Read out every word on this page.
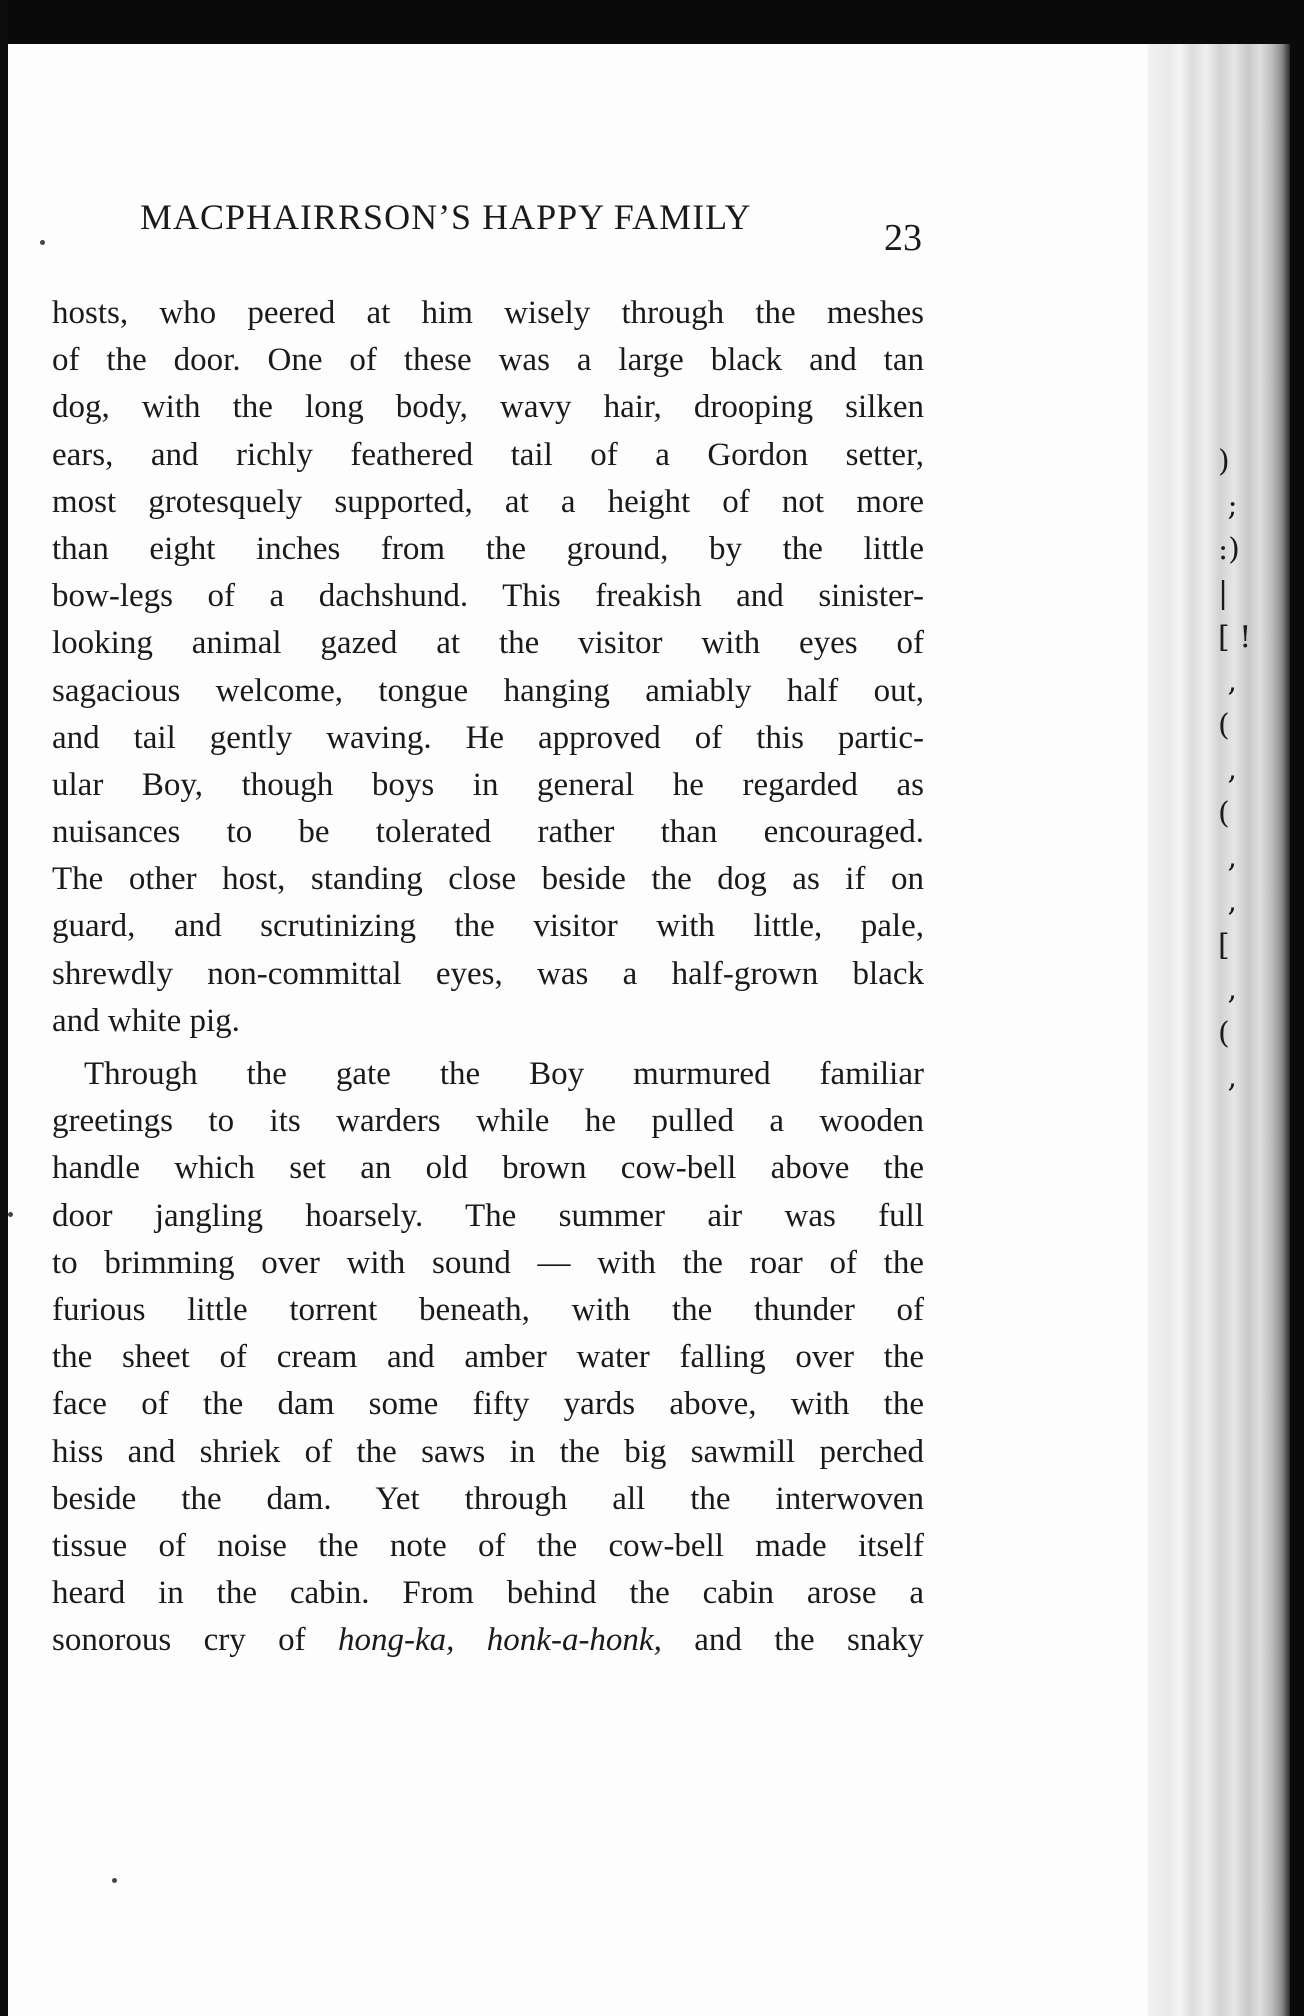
)
;
:)
|
[ !
,
(
,
(
,
,
[
,
(
,
MACPHAIRRSON’S HAPPY FAMILY	23
hosts, who peered at him wisely through the meshes
of the door. One of these was a large black and tan
dog, with the long body, wavy hair, drooping silken
ears, and richly feathered tail of a Gordon setter,
most grotesquely supported, at a height of not more
than eight inches from the ground, by the little
bow-legs of a dachshund. This freakish and sinister-
looking animal gazed at the visitor with eyes of
sagacious welcome, tongue hanging amiably half out,
and tail gently waving. He approved of this partic-
ular Boy, though boys in general he regarded as
nuisances to be tolerated rather than encouraged.
The other host, standing close beside the dog as if on
guard, and scrutinizing the visitor with little, pale,
shrewdly non-committal eyes, was a half-grown black
and white pig.
Through the gate the Boy murmured familiar
greetings to its warders while he pulled a wooden
handle which set an old brown cow-bell above the
door jangling hoarsely. The summer air was full
to brimming over with sound — with the roar of the
furious little torrent beneath, with the thunder of
the sheet of cream and amber water falling over the
face of the dam some fifty yards above, with the
hiss and shriek of the saws in the big sawmill perched
beside the dam. Yet through all the interwoven
tissue of noise the note of the cow-bell made itself
heard in the cabin. From behind the cabin arose a
sonorous cry of hong-ka, honk-a-honk, and the snaky
